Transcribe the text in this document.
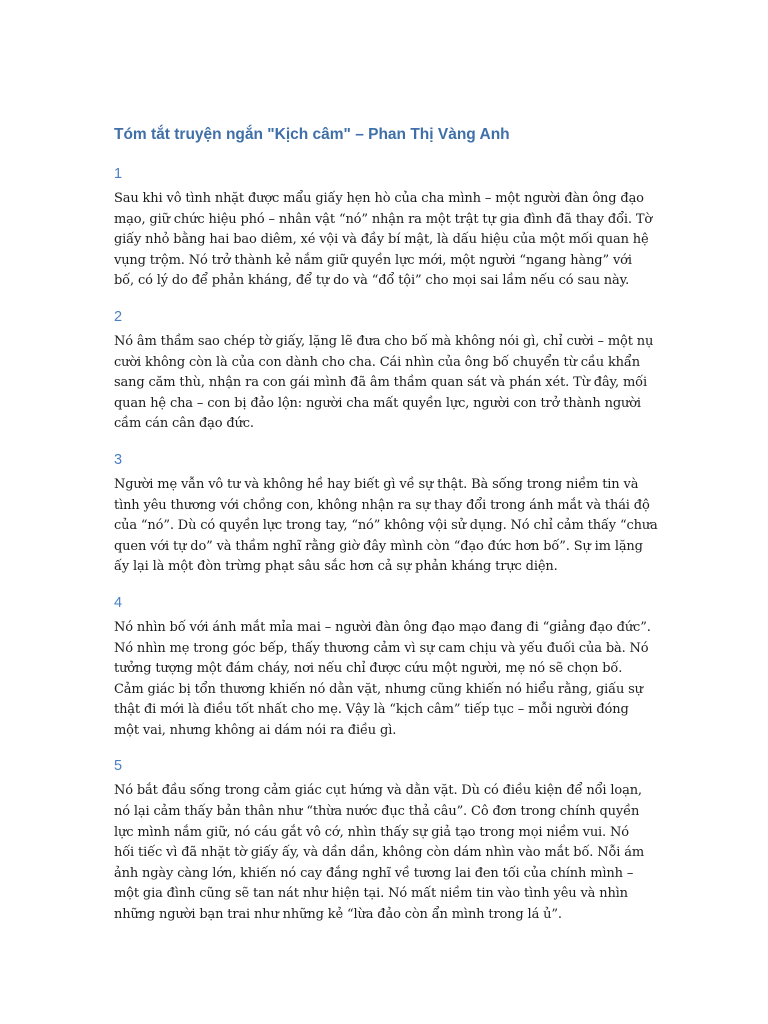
Tóm tắt truyện ngắn "Kịch câm" – Phan Thị Vàng Anh
1

Sau khi vô tình nhặt được mẩu giấy hẹn hò của cha mình – một người đàn ông đạo
mạo, giữ chức hiệu phó – nhân vật “nó” nhận ra một trật tự gia đình đã thay đổi. Tờ
giấy nhỏ bằng hai bao diêm, xé vội và đầy bí mật, là dấu hiệu của một mối quan hệ
vụng trộm. Nó trở thành kẻ nắm giữ quyền lực mới, một người “ngang hàng” với
bố, có lý do để phản kháng, để tự do và “đổ tội” cho mọi sai lầm nếu có sau này.

2

Nó âm thầm sao chép tờ giấy, lặng lẽ đưa cho bố mà không nói gì, chỉ cười – một nụ
cười không còn là của con dành cho cha. Cái nhìn của ông bố chuyển từ cầu khẩn
sang căm thù, nhận ra con gái mình đã âm thầm quan sát và phán xét. Từ đây, mối
quan hệ cha – con bị đảo lộn: người cha mất quyền lực, người con trở thành người
cầm cán cân đạo đức.

3

Người mẹ vẫn vô tư và không hề hay biết gì về sự thật. Bà sống trong niềm tin và
tình yêu thương với chồng con, không nhận ra sự thay đổi trong ánh mắt và thái độ
của “nó”. Dù có quyền lực trong tay, “nó” không vội sử dụng. Nó chỉ cảm thấy “chưa
quen với tự do” và thầm nghĩ rằng giờ đây mình còn “đạo đức hơn bố”. Sự im lặng
ấy lại là một đòn trừng phạt sâu sắc hơn cả sự phản kháng trực diện.

4

Nó nhìn bố với ánh mắt mỉa mai – người đàn ông đạo mạo đang đi “giảng đạo đức”.
Nó nhìn mẹ trong góc bếp, thấy thương cảm vì sự cam chịu và yếu đuối của bà. Nó
tưởng tượng một đám cháy, nơi nếu chỉ được cứu một người, mẹ nó sẽ chọn bố.
Cảm giác bị tổn thương khiến nó dằn vặt, nhưng cũng khiến nó hiểu rằng, giấu sự
thật đi mới là điều tốt nhất cho mẹ. Vậy là “kịch câm” tiếp tục – mỗi người đóng
một vai, nhưng không ai dám nói ra điều gì.

5

Nó bắt đầu sống trong cảm giác cụt hứng và dằn vặt. Dù có điều kiện để nổi loạn,
nó lại cảm thấy bản thân như “thừa nước đục thả câu”. Cô đơn trong chính quyền
lực mình nắm giữ, nó cáu gắt vô cớ, nhìn thấy sự giả tạo trong mọi niềm vui. Nó
hối tiếc vì đã nhặt tờ giấy ấy, và dần dần, không còn dám nhìn vào mắt bố. Nỗi ám
ảnh ngày càng lớn, khiến nó cay đắng nghĩ về tương lai đen tối của chính mình –
một gia đình cũng sẽ tan nát như hiện tại. Nó mất niềm tin vào tình yêu và nhìn
những người bạn trai như những kẻ “lừa đảo còn ẩn mình trong lá ủ”.
